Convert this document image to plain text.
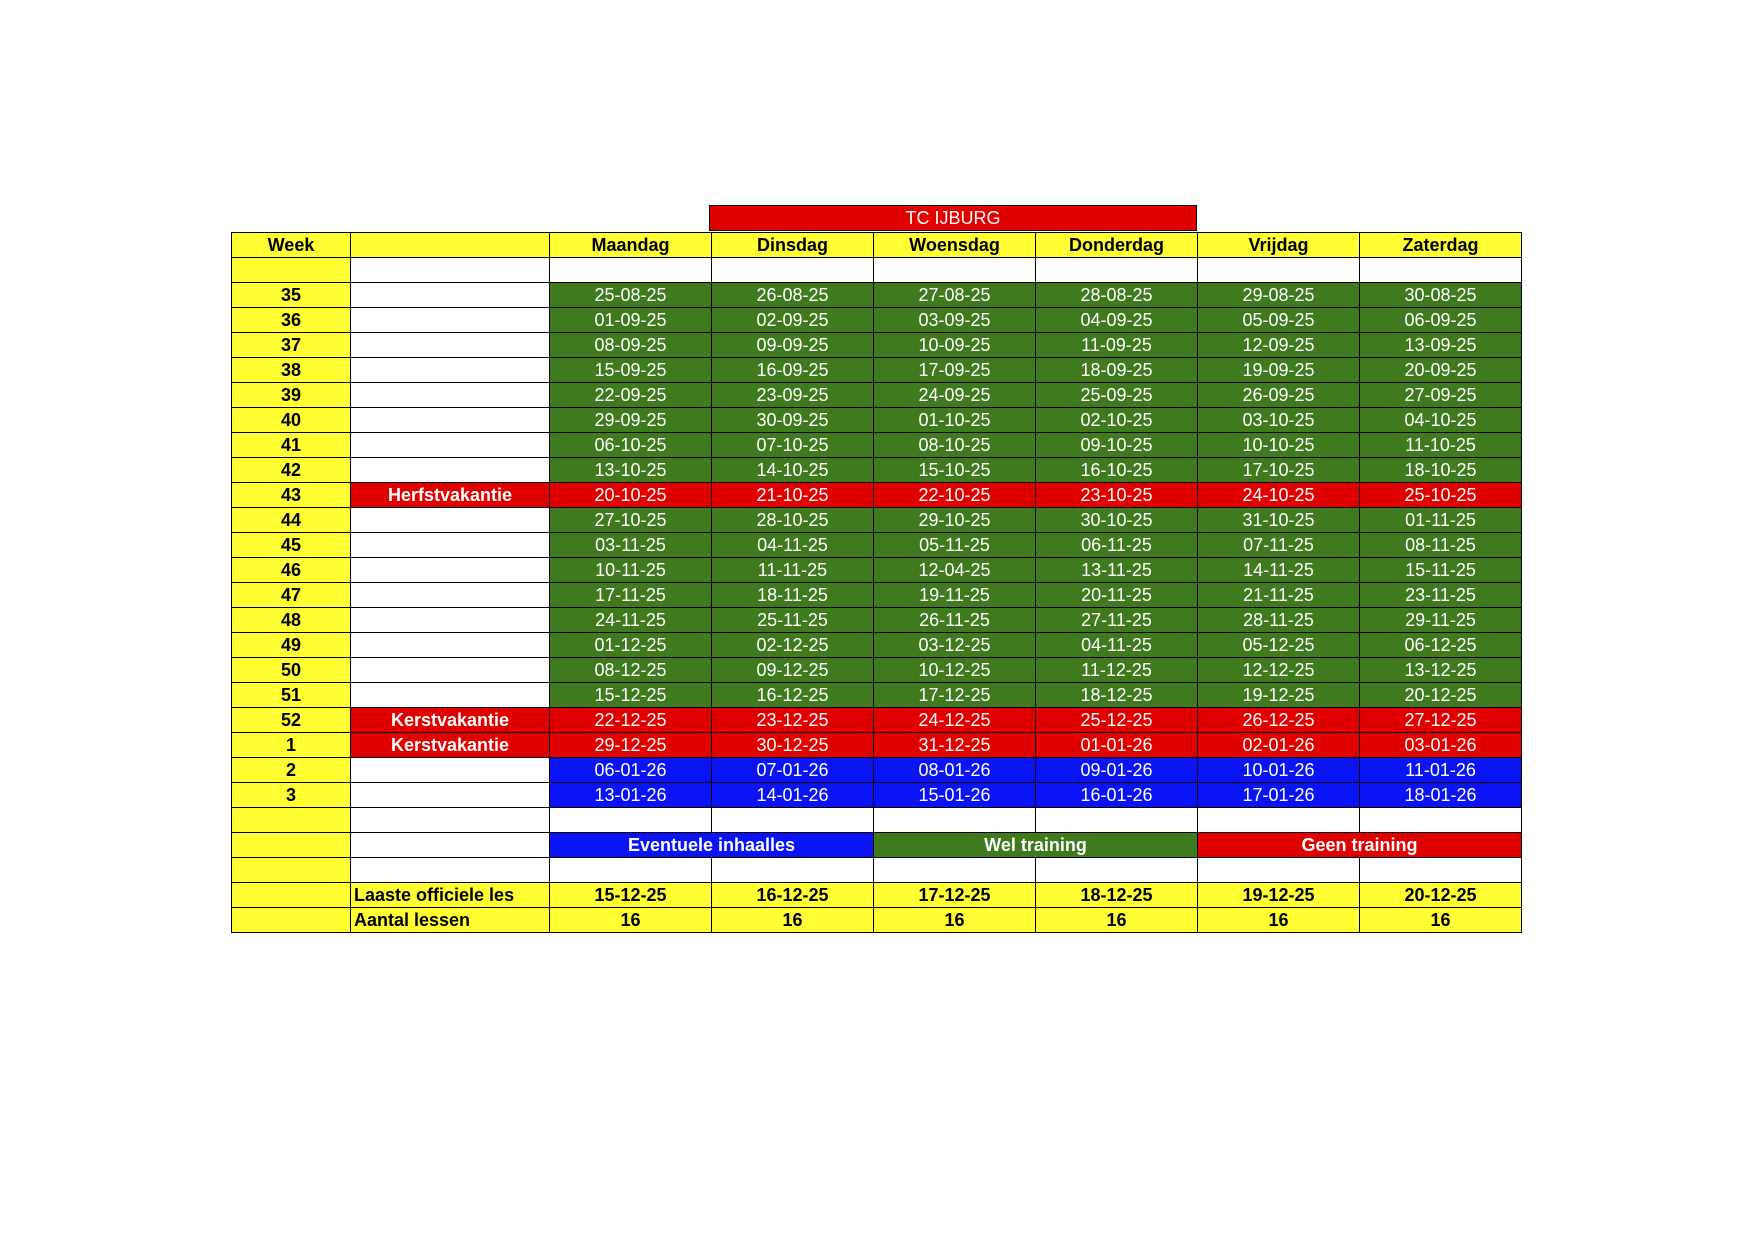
TC IJBURG
Week		Maandag	Dinsdag	Woensdag	Donderdag	Vrijdag	Zaterdag

35		25-08-25	26-08-25	27-08-25	28-08-25	29-08-25	30-08-25
36		01-09-25	02-09-25	03-09-25	04-09-25	05-09-25	06-09-25
37		08-09-25	09-09-25	10-09-25	11-09-25	12-09-25	13-09-25
38		15-09-25	16-09-25	17-09-25	18-09-25	19-09-25	20-09-25
39		22-09-25	23-09-25	24-09-25	25-09-25	26-09-25	27-09-25
40		29-09-25	30-09-25	01-10-25	02-10-25	03-10-25	04-10-25
41		06-10-25	07-10-25	08-10-25	09-10-25	10-10-25	11-10-25
42		13-10-25	14-10-25	15-10-25	16-10-25	17-10-25	18-10-25
43	Herfstvakantie	20-10-25	21-10-25	22-10-25	23-10-25	24-10-25	25-10-25
44		27-10-25	28-10-25	29-10-25	30-10-25	31-10-25	01-11-25
45		03-11-25	04-11-25	05-11-25	06-11-25	07-11-25	08-11-25
46		10-11-25	11-11-25	12-04-25	13-11-25	14-11-25	15-11-25
47		17-11-25	18-11-25	19-11-25	20-11-25	21-11-25	23-11-25
48		24-11-25	25-11-25	26-11-25	27-11-25	28-11-25	29-11-25
49		01-12-25	02-12-25	03-12-25	04-11-25	05-12-25	06-12-25
50		08-12-25	09-12-25	10-12-25	11-12-25	12-12-25	13-12-25
51		15-12-25	16-12-25	17-12-25	18-12-25	19-12-25	20-12-25
52	Kerstvakantie	22-12-25	23-12-25	24-12-25	25-12-25	26-12-25	27-12-25
1	Kerstvakantie	29-12-25	30-12-25	31-12-25	01-01-26	02-01-26	03-01-26
2		06-01-26	07-01-26	08-01-26	09-01-26	10-01-26	11-01-26
3		13-01-26	14-01-26	15-01-26	16-01-26	17-01-26	18-01-26

		Eventuele inhaalles		Wel training		Geen training	

	Laaste officiele les	15-12-25	16-12-25	17-12-25	18-12-25	19-12-25	20-12-25
	Aantal lessen	16	16	16	16	16	16
